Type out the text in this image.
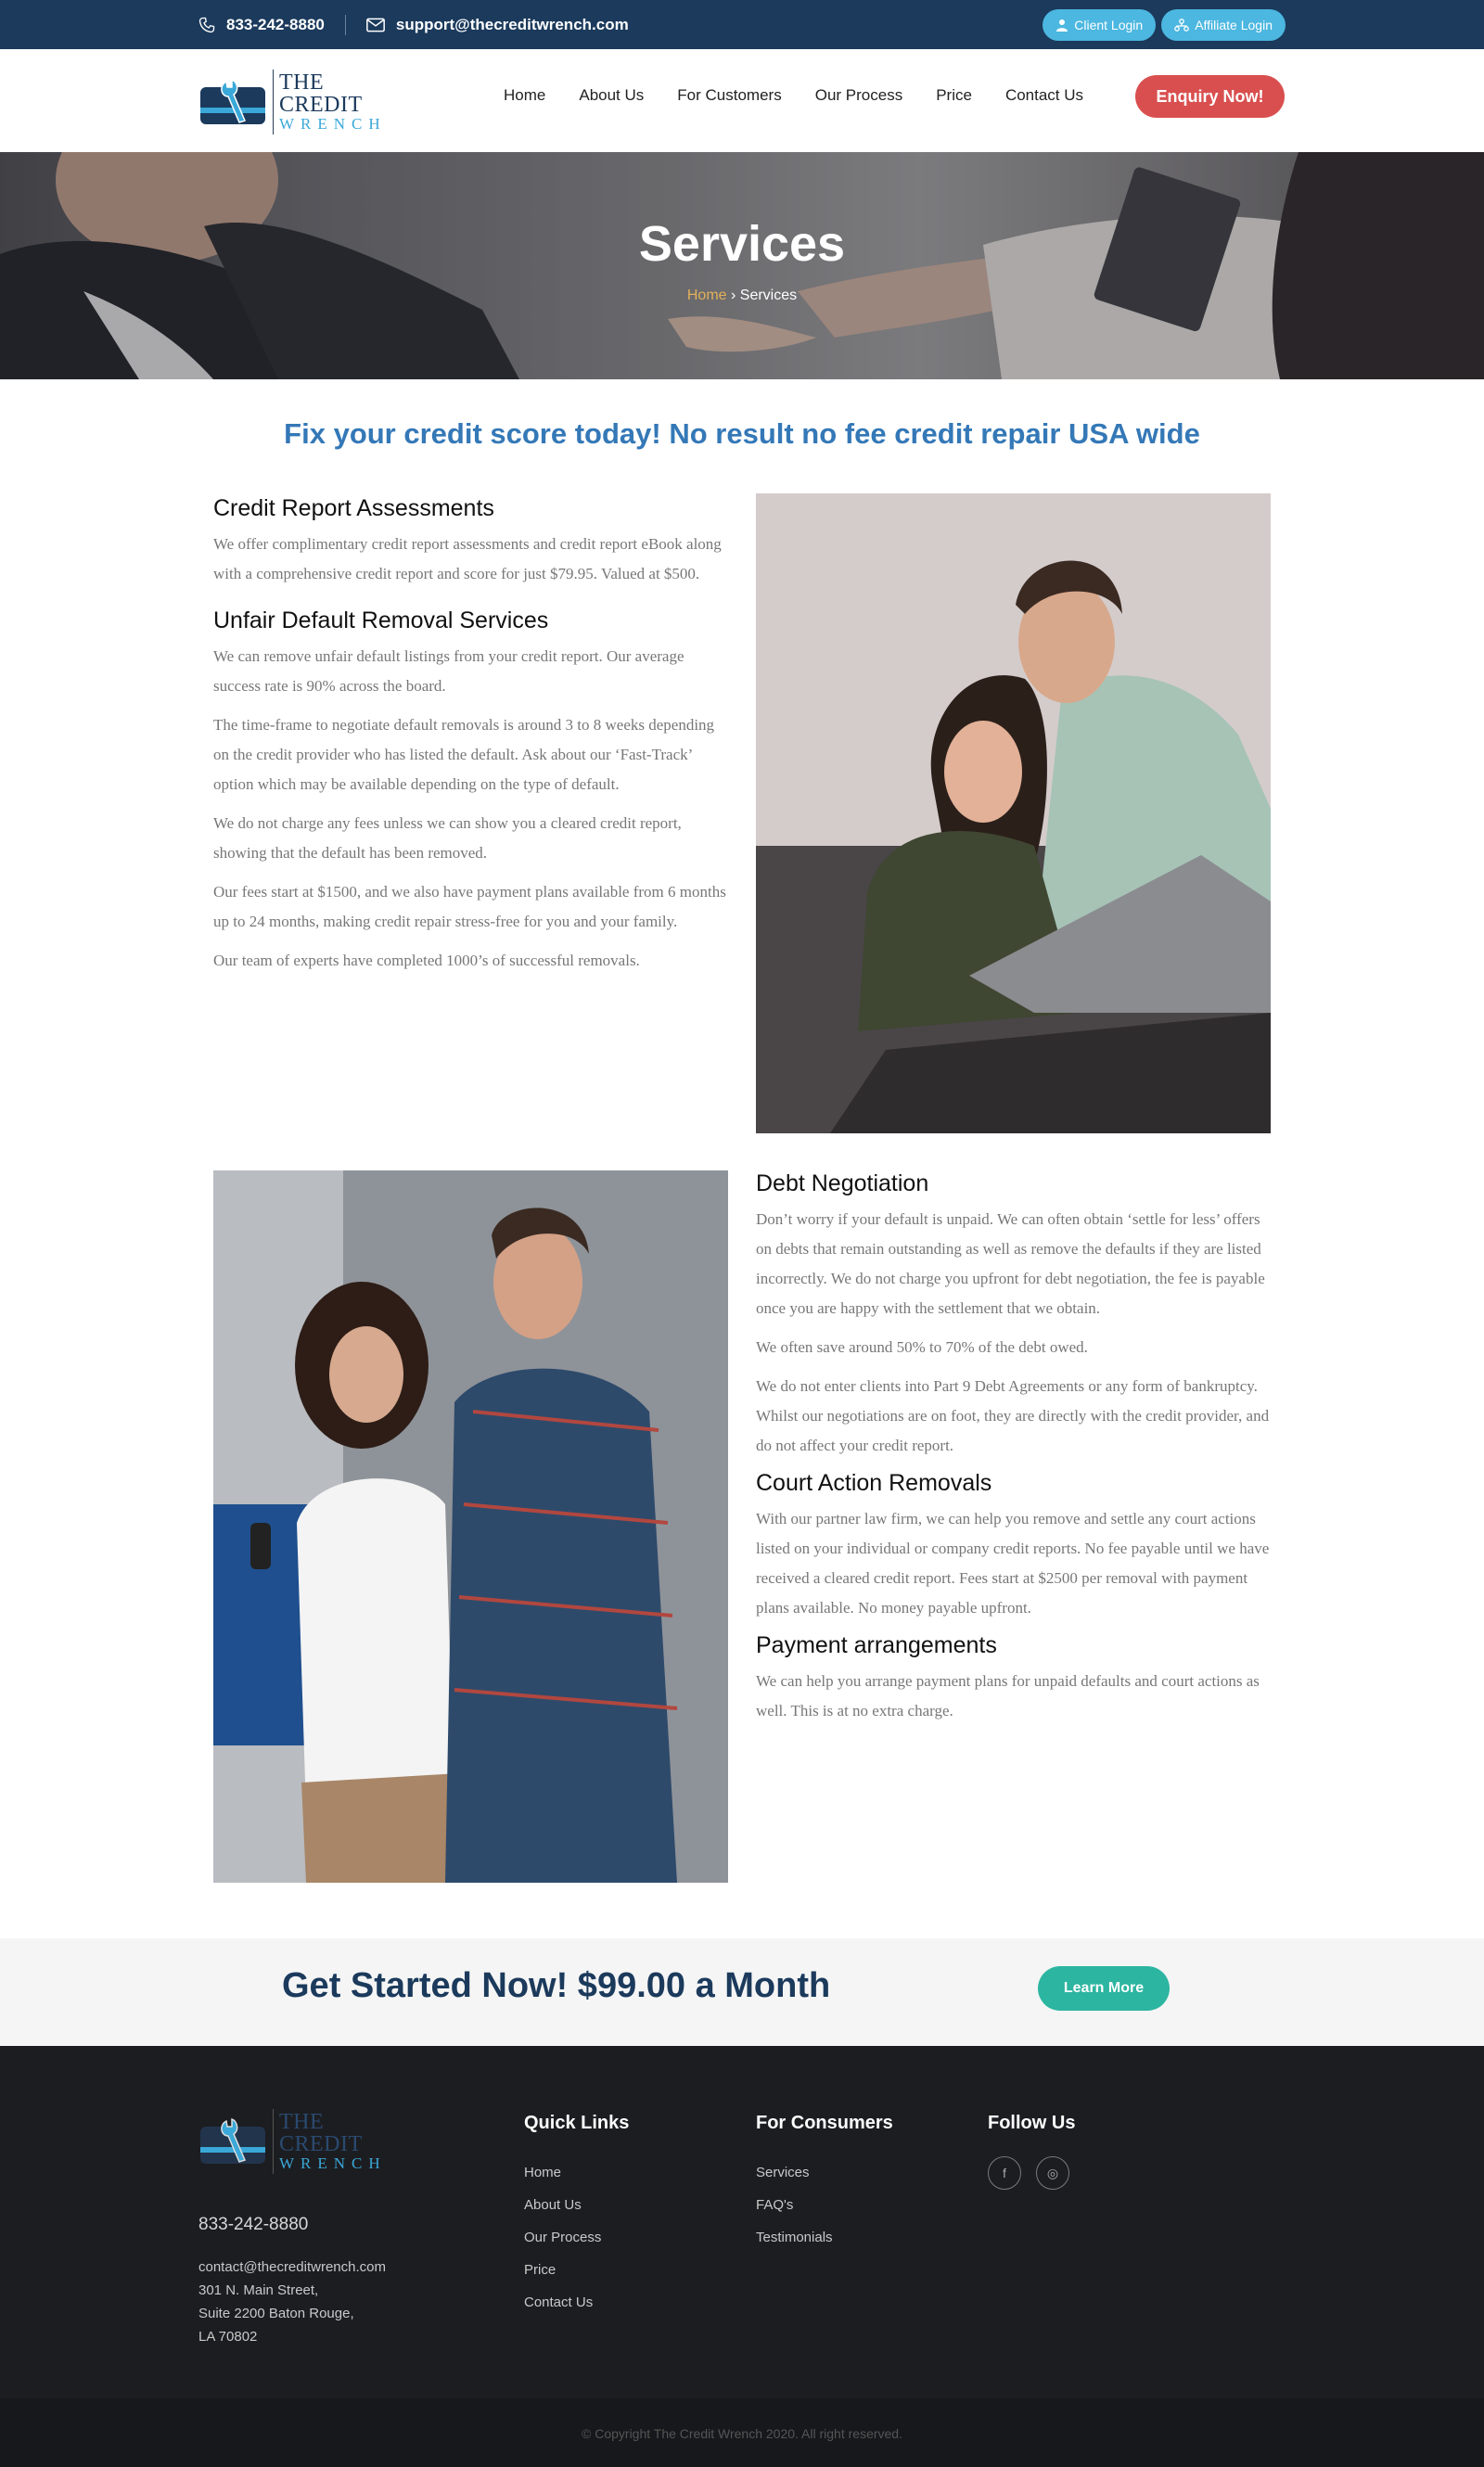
833-242-8880	support@thecreditwrench.com	Client Login	Affiliate Login
THE CREDIT
WRENCH
Home About Us For Customers Our Process Price Contact Us	Enquiry Now!
Services
Home › Services
Fix your credit score today! No result no fee credit repair USA wide
Credit Report Assessments

We offer complimentary credit report assessments and credit report eBook along with a comprehensive credit report and score for just $79.95. Valued at $500.

Unfair Default Removal Services

We can remove unfair default listings from your credit report. Our average success rate is 90% across the board.

The time-frame to negotiate default removals is around 3 to 8 weeks depending on the credit provider who has listed the default. Ask about our ‘Fast-Track’ option which may be available depending on the type of default.

We do not charge any fees unless we can show you a cleared credit report, showing that the default has been removed.

Our fees start at $1500, and we also have payment plans available from 6 months up to 24 months, making credit repair stress-free for you and your family.

Our team of experts have completed 1000’s of successful removals.

Debt Negotiation

Don’t worry if your default is unpaid. We can often obtain ‘settle for less’ offers on debts that remain outstanding as well as remove the defaults if they are listed incorrectly. We do not charge you upfront for debt negotiation, the fee is payable once you are happy with the settlement that we obtain.

We often save around 50% to 70% of the debt owed.

We do not enter clients into Part 9 Debt Agreements or any form of bankruptcy. Whilst our negotiations are on foot, they are directly with the credit provider, and do not affect your credit report.

Court Action Removals

With our partner law firm, we can help you remove and settle any court actions listed on your individual or company credit reports. No fee payable until we have received a cleared credit report. Fees start at $2500 per removal with payment plans available. No money payable upfront.

Payment arrangements

We can help you arrange payment plans for unpaid defaults and court actions as well. This is at no extra charge.

Get Started Now! $99.00 a Month	Learn More
THE CREDIT
WRENCH
833-242-8880
contact@thecreditwrench.com
301 N. Main Street,
Suite 2200 Baton Rouge,
LA 70802
Quick Links
Home
About Us
Our Process
Price
Contact Us
For Consumers
Services
FAQ's
Testimonials
Follow Us
f	◎
© Copyright The Credit Wrench 2020. All right reserved.
